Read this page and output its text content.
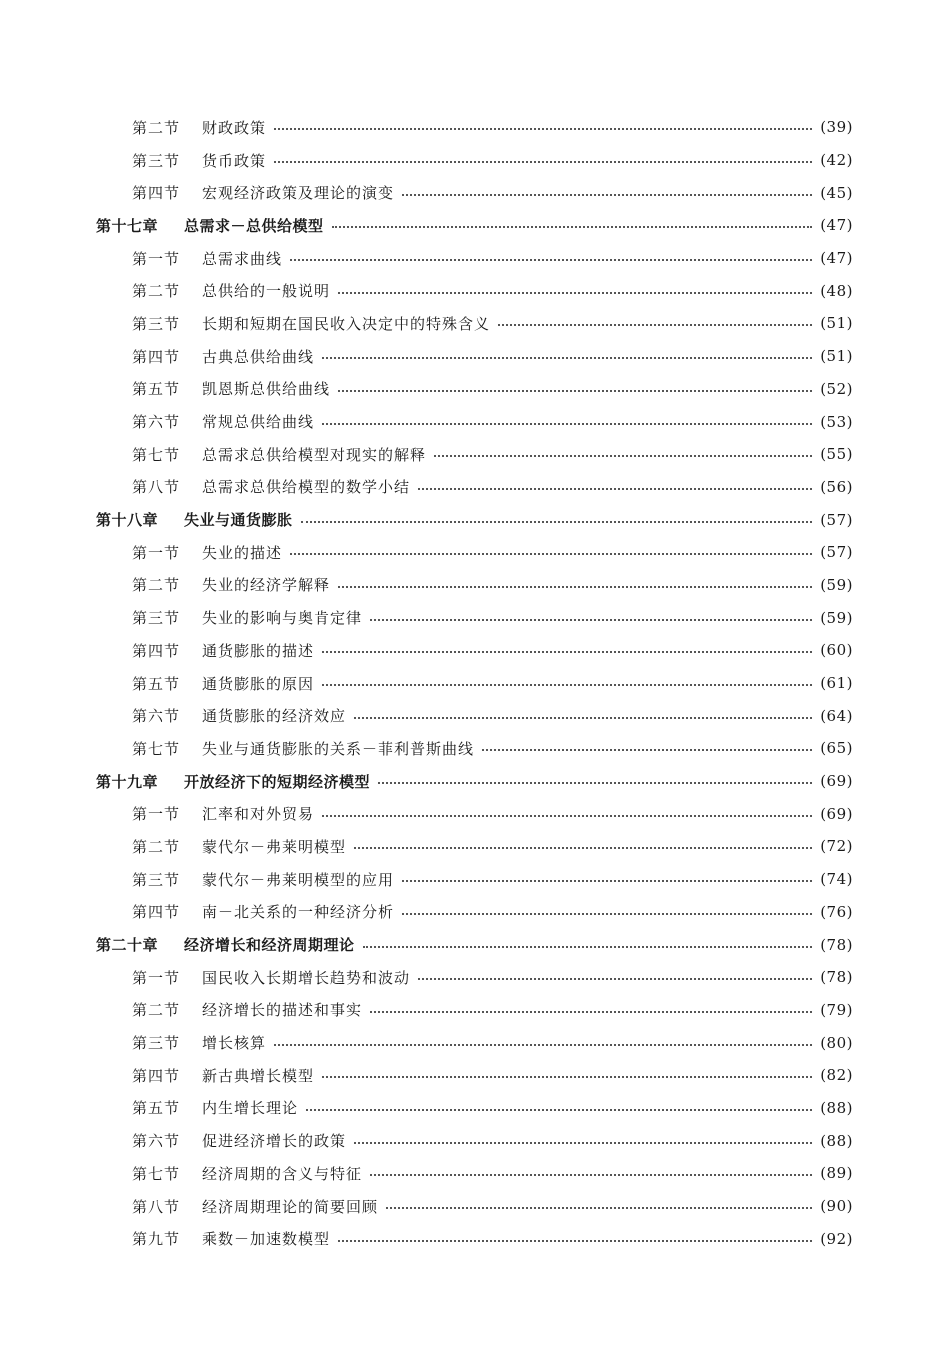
第二节	财政政策	(39)
第三节	货币政策	(42)
第四节	宏观经济政策及理论的演变	(45)
第十七章	总需求－总供给模型	(47)
第一节	总需求曲线	(47)
第二节	总供给的一般说明	(48)
第三节	长期和短期在国民收入决定中的特殊含义	(51)
第四节	古典总供给曲线	(51)
第五节	凯恩斯总供给曲线	(52)
第六节	常规总供给曲线	(53)
第七节	总需求总供给模型对现实的解释	(55)
第八节	总需求总供给模型的数学小结	(56)
第十八章	失业与通货膨胀	(57)
第一节	失业的描述	(57)
第二节	失业的经济学解释	(59)
第三节	失业的影响与奥肯定律	(59)
第四节	通货膨胀的描述	(60)
第五节	通货膨胀的原因	(61)
第六节	通货膨胀的经济效应	(64)
第七节	失业与通货膨胀的关系－菲利普斯曲线	(65)
第十九章	开放经济下的短期经济模型	(69)
第一节	汇率和对外贸易	(69)
第二节	蒙代尔－弗莱明模型	(72)
第三节	蒙代尔－弗莱明模型的应用	(74)
第四节	南－北关系的一种经济分析	(76)
第二十章	经济增长和经济周期理论	(78)
第一节	国民收入长期增长趋势和波动	(78)
第二节	经济增长的描述和事实	(79)
第三节	增长核算	(80)
第四节	新古典增长模型	(82)
第五节	内生增长理论	(88)
第六节	促进经济增长的政策	(88)
第七节	经济周期的含义与特征	(89)
第八节	经济周期理论的简要回顾	(90)
第九节	乘数－加速数模型	(92)
